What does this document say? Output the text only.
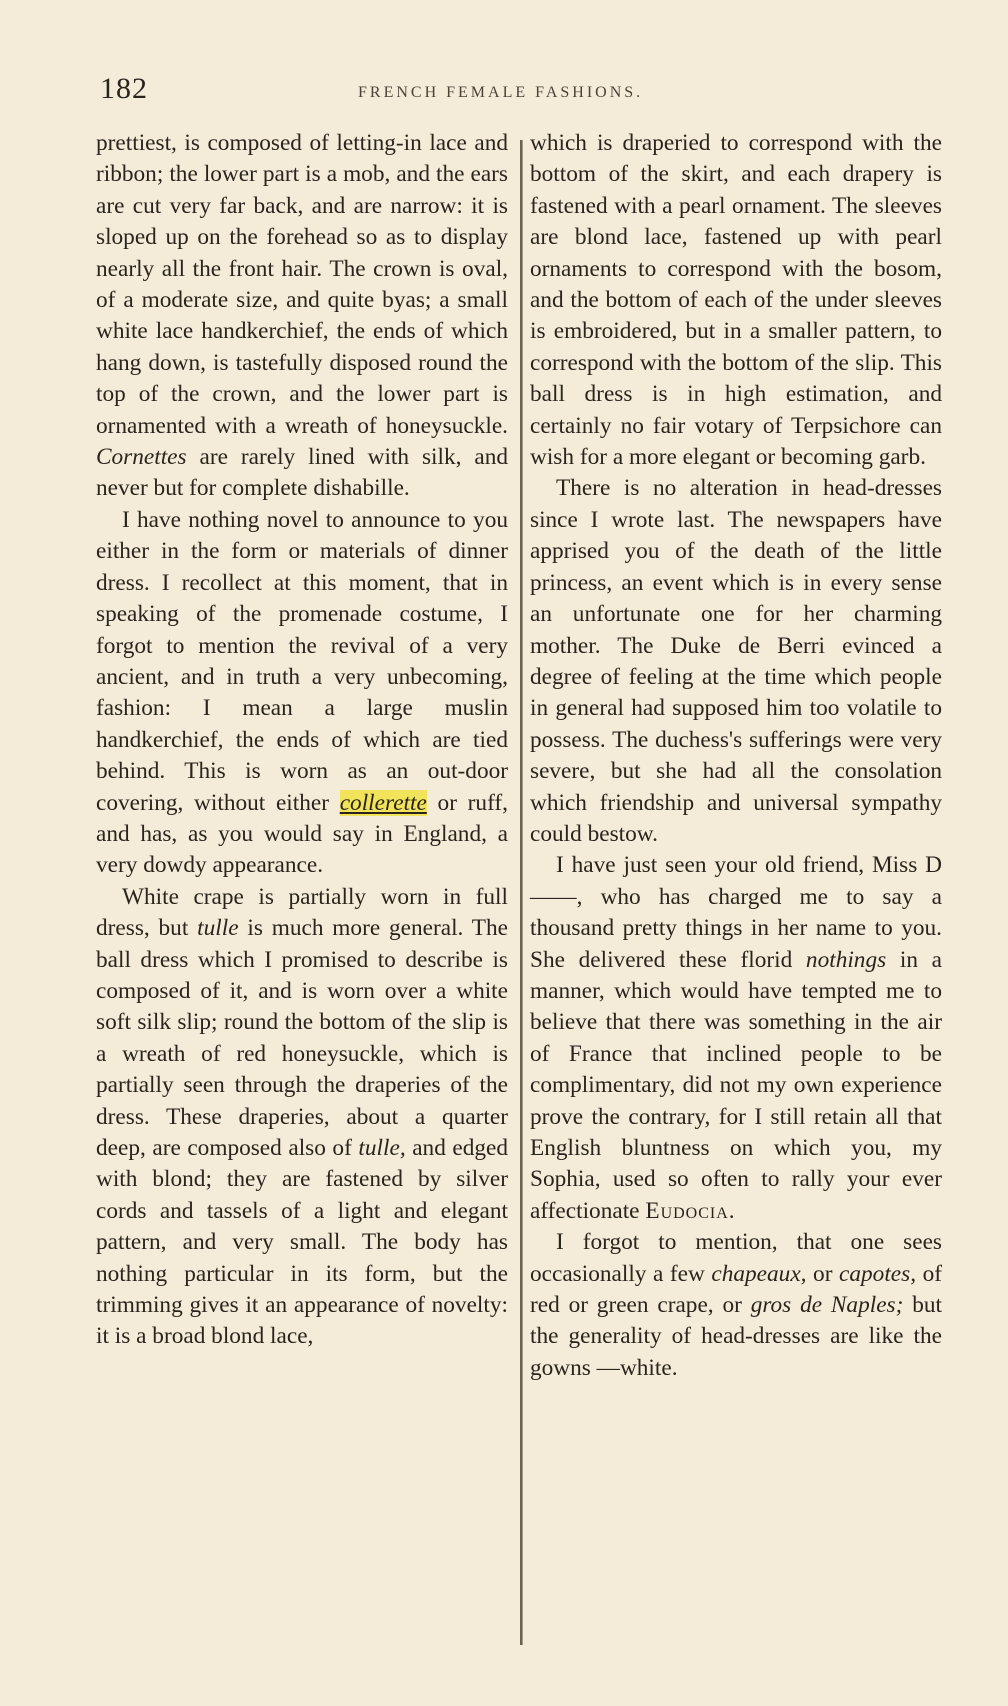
182	FRENCH FEMALE FASHIONS.

prettiest, is composed of letting-in lace and ribbon; the lower part is a mob, and the ears are cut very far back, and are narrow: it is sloped up on the forehead so as to display nearly all the front hair. The crown is oval, of a moderate size, and quite byas; a small white lace handkerchief, the ends of which hang down, is tastefully disposed round the top of the crown, and the lower part is ornamented with a wreath of honeysuckle. Cornettes are rarely lined with silk, and never but for complete dishabille.

I have nothing novel to announce to you either in the form or materials of dinner dress. I recollect at this moment, that in speaking of the promenade costume, I forgot to mention the revival of a very ancient, and in truth a very unbecoming, fashion: I mean a large muslin handkerchief, the ends of which are tied behind. This is worn as an out-door covering, without either collerette or ruff, and has, as you would say in England, a very dowdy appearance.

White crape is partially worn in full dress, but tulle is much more general. The ball dress which I promised to describe is composed of it, and is worn over a white soft silk slip; round the bottom of the slip is a wreath of red honeysuckle, which is partially seen through the draperies of the dress. These draperies, about a quarter deep, are composed also of tulle, and edged with blond; they are fastened by silver cords and tassels of a light and elegant pattern, and very small. The body has nothing particular in its form, but the trimming gives it an appearance of novelty: it is a broad blond lace,

which is draperied to correspond with the bottom of the skirt, and each drapery is fastened with a pearl ornament. The sleeves are blond lace, fastened up with pearl ornaments to correspond with the bosom, and the bottom of each of the under sleeves is embroidered, but in a smaller pattern, to correspond with the bottom of the slip. This ball dress is in high estimation, and certainly no fair votary of Terpsichore can wish for a more elegant or becoming garb.

There is no alteration in head-dresses since I wrote last. The newspapers have apprised you of the death of the little princess, an event which is in every sense an unfortunate one for her charming mother. The Duke de Berri evinced a degree of feeling at the time which people in general had supposed him too volatile to possess. The duchess's sufferings were very severe, but she had all the consolation which friendship and universal sympathy could bestow.

I have just seen your old friend, Miss D——, who has charged me to say a thousand pretty things in her name to you. She delivered these florid nothings in a manner, which would have tempted me to believe that there was something in the air of France that inclined people to be complimentary, did not my own experience prove the contrary, for I still retain all that English bluntness on which you, my Sophia, used so often to rally your ever affectionate Eudocia.

I forgot to mention, that one sees occasionally a few chapeaux, or capotes, of red or green crape, or gros de Naples; but the generality of head-dresses are like the gowns —white.
